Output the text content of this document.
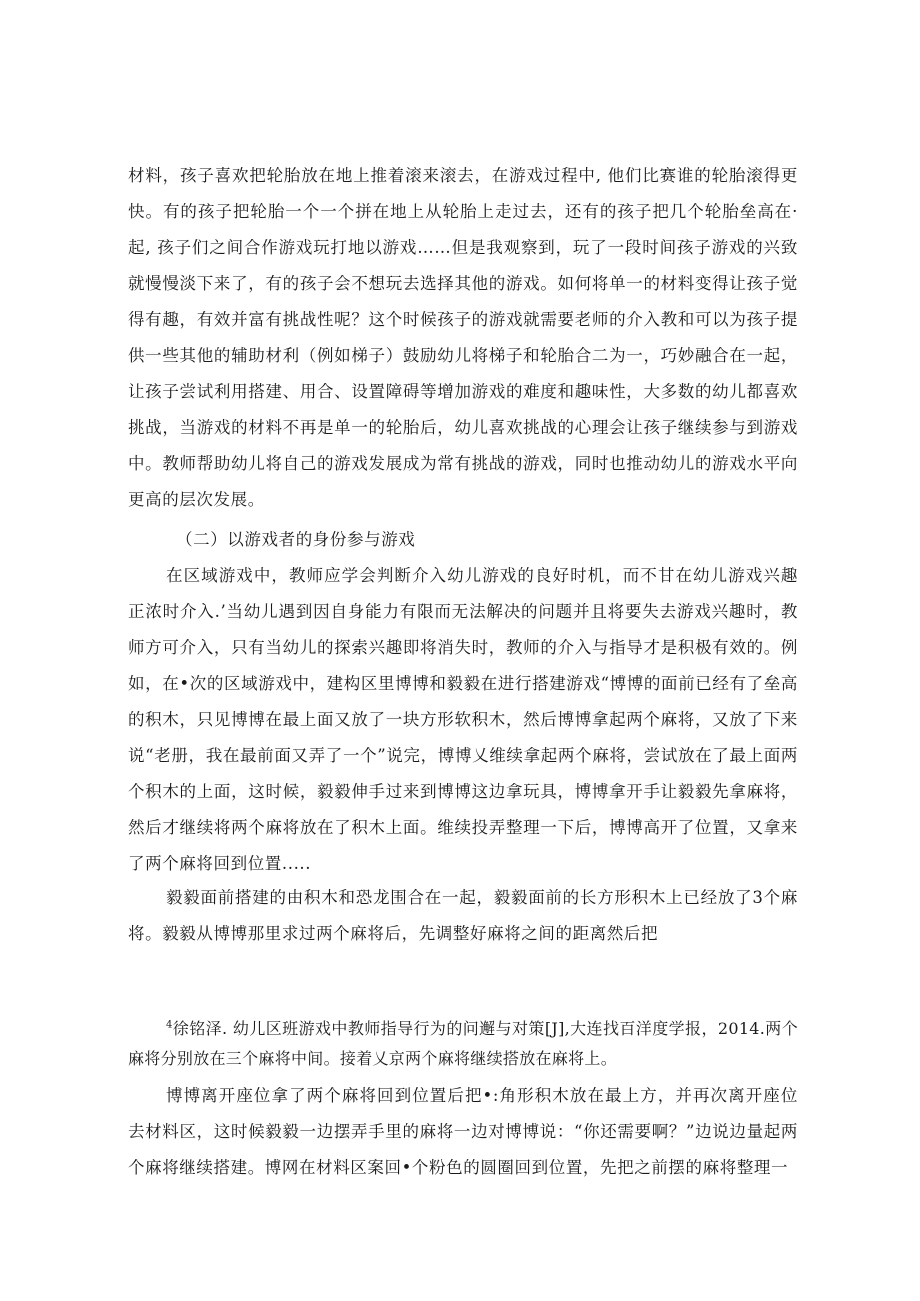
材料，孩子喜欢把轮胎放在地上推着滚来滚去，在游戏过程中, 他们比赛谁的轮胎滚得更快。有的孩子把轮胎一个一个拼在地上从轮胎上走过去，还有的孩子把几个轮胎垒高在·起, 孩子们之间合作游戏玩打地以游戏……但是我观察到，玩了一段时间孩子游戏的兴致就慢慢淡下来了，有的孩子会不想玩去选择其他的游戏。如何将单一的材料变得让孩子觉得有趣，有效并富有挑战性呢？这个时候孩子的游戏就需要老师的介入教和可以为孩子提供一些其他的辅助材利（例如梯子）鼓励幼儿将梯子和轮胎合二为一，巧妙融合在一起，让孩子尝试利用搭建、用合、设置障碍等增加游戏的难度和趣味性，大多数的幼儿都喜欢挑战，当游戏的材料不再是单一的轮胎后，幼儿喜欢挑战的心理会让孩子继续参与到游戏中。教师帮助幼儿将自己的游戏发展成为常有挑战的游戏，同时也推动幼儿的游戏水平向更高的层次发展。

（二）以游戏者的身份参与游戏

在区域游戏中，教师应学会判断介入幼儿游戏的良好时机，而不甘在幼儿游戏兴趣正浓时介入.’当幼儿遇到因自身能力有限而无法解决的问题并且将要失去游戏兴趣时，教师方可介入，只有当幼儿的探索兴趣即将消失时，教师的介入与指导才是积极有效的。例如，在•次的区域游戏中，建构区里博博和毅毅在进行搭建游戏“博博的面前已经有了垒高的积木，只见博博在最上面又放了一块方形软积木，然后博博拿起两个麻将，又放了下来说“老册，我在最前面又弄了一个”说完，博博乂维续拿起两个麻将，尝试放在了最上面两个积木的上面，这时候，毅毅伸手过来到博博这边拿玩具，博博拿开手让毅毅先拿麻将，然后才继续将两个麻将放在了积木上面。维续投弄整理一下后，博博高开了位置，又拿来了两个麻将回到位置.....

毅毅面前搭建的由积木和恐龙围合在一起，毅毅面前的长方形积木上已经放了3个麻将。毅毅从博博那里求过两个麻将后，先调整好麻将之间的距离然后把

$^4$徐铭泽. 幼儿区班游戏中教师指导行为的问邂与对策[J],大连找百洋度学报，2014.两个麻将分别放在三个麻将中间。接着乂京两个麻将继续搭放在麻将上。

博博离开座位拿了两个麻将回到位置后把•:角形积木放在最上方，并再次离开座位去材料区，这时候毅毅一边摆弄手里的麻将一边对博博说：“你还需要啊？”边说边量起两个麻将继续搭建。博网在材料区案回•个粉色的圆圈回到位置，先把之前摆的麻将整理一
